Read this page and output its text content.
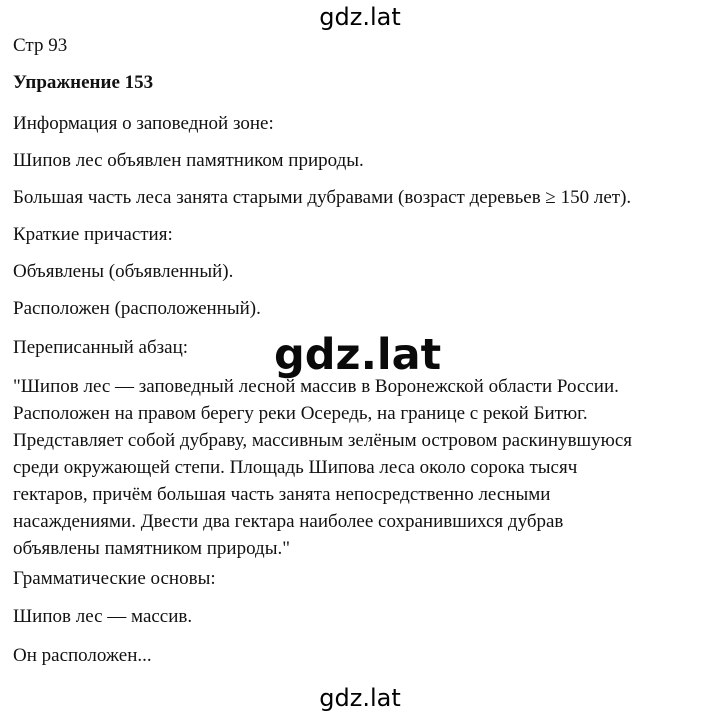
gdz.lat
Стр 93
Упражнение 153
Информация о заповедной зоне:
Шипов лес объявлен памятником природы.
Большая часть леса занята старыми дубравами (возраст деревьев ≥ 150 лет).
Краткие причастия:
Объявлены (объявленный).
Расположен (расположенный).
Переписанный абзац:
"Шипов лес — заповедный лесной массив в Воронежской области России.
Расположен на правом берегу реки Осередь, на границе с рекой Битюг.
Представляет собой дубраву, массивным зелёным островом раскинувшуюся
среди окружающей степи. Площадь Шипова леса около сорока тысяч
гектаров, причём большая часть занята непосредственно лесными
насаждениями. Двести два гектара наиболее сохранившихся дубрав
объявлены памятником природы."
gdz.lat
Грамматические основы:
Шипов лес — массив.
Он расположен...
gdz.lat
